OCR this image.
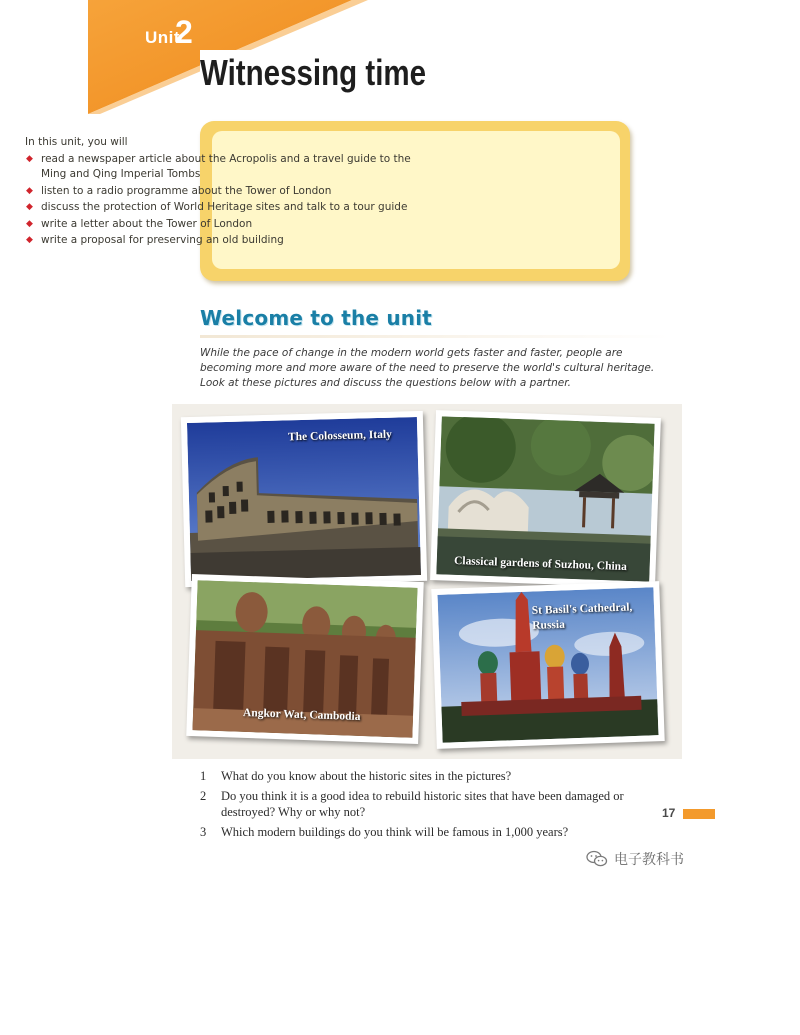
Unit
2
Witnessing time

In this unit, you will

◆ read a newspaper article about the Acropolis and a travel guide to the Ming and Qing Imperial Tombs
◆ listen to a radio programme about the Tower of London
◆ discuss the protection of World Heritage sites and talk to a tour guide
◆ write a letter about the Tower of London
◆ write a proposal for preserving an old building
Welcome to the unit
While the pace of change in the modern world gets faster and faster, people are becoming more and more aware of the need to preserve the world's cultural heritage. Look at these pictures and discuss the questions below with a partner.
The Colosseum, Italy
Classical gardens of Suzhou, China
Angkor Wat, Cambodia
St Basil's Cathedral, Russia
1 What do you know about the historic sites in the pictures?
2 Do you think it is a good idea to rebuild historic sites that have been damaged or destroyed? Why or why not?
3 Which modern buildings do you think will be famous in 1,000 years?
17
电子教科书
